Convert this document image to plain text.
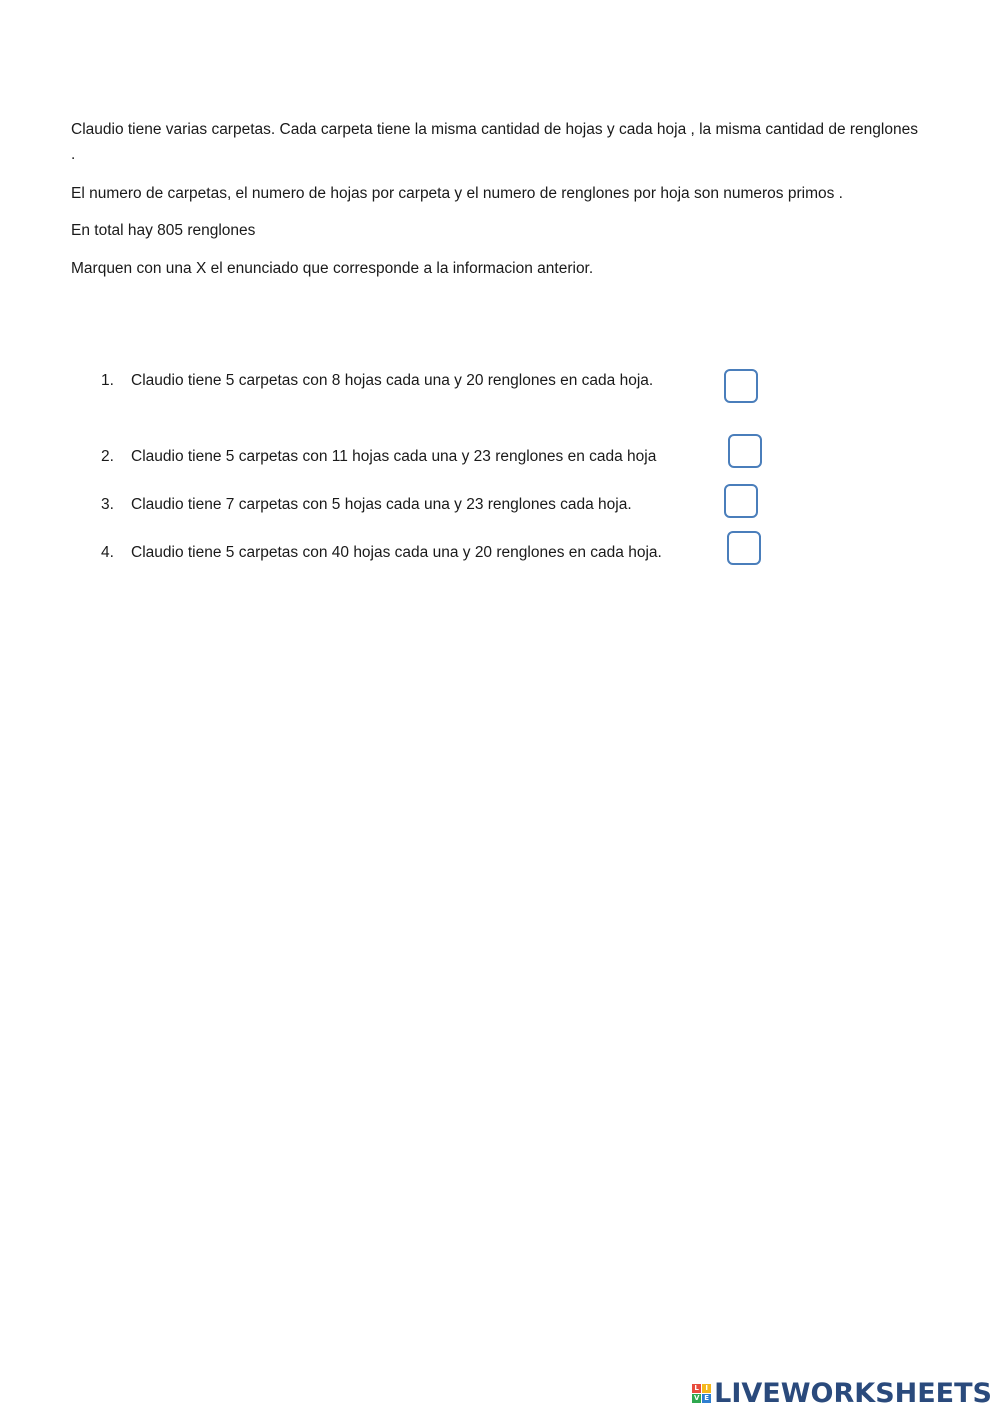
Claudio tiene varias carpetas. Cada carpeta tiene la misma cantidad de hojas y cada hoja , la misma cantidad de renglones .

El numero de carpetas, el numero de hojas por carpeta y el numero de renglones por hoja son numeros primos .

En total hay 805 renglones

Marquen con una X el enunciado que corresponde a la informacion anterior.

1. Claudio tiene 5 carpetas con 8 hojas cada una y 20 renglones en cada hoja.
2. Claudio tiene 5 carpetas con 11 hojas cada una y 23 renglones en cada hoja
3. Claudio tiene 7 carpetas con 5 hojas cada una y 23 renglones cada hoja.
4. Claudio tiene 5 carpetas con 40 hojas cada una y 20 renglones en cada hoja.
L I
V E LIVEWORKSHEETS
